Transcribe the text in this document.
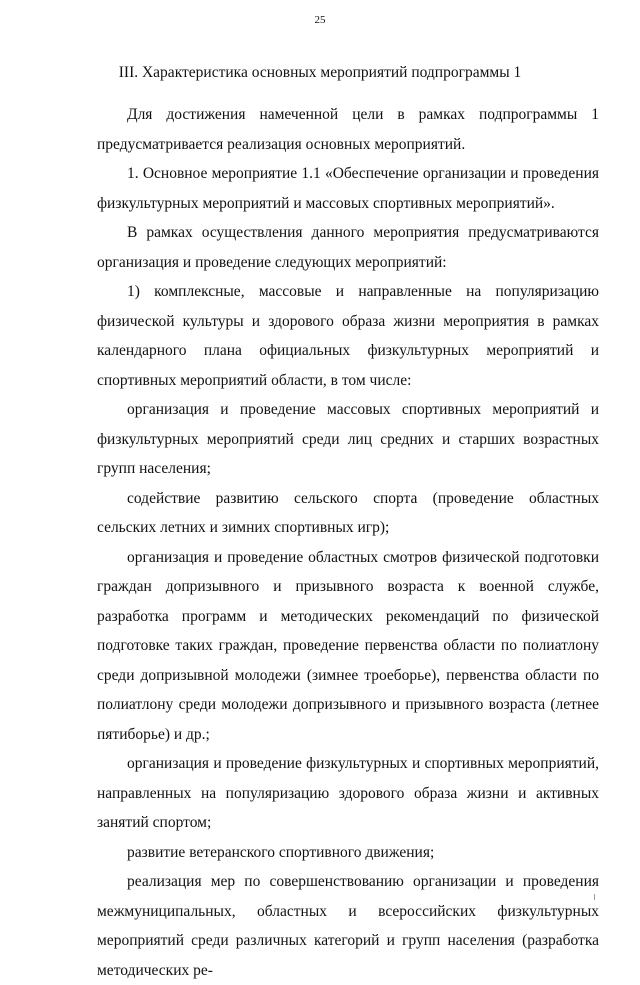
25
III. Характеристика основных мероприятий подпрограммы 1

Для достижения намеченной цели в рамках подпрограммы 1 предусматривается реализация основных мероприятий.

1. Основное мероприятие 1.1 «Обеспечение организации и проведения физкультурных мероприятий и массовых спортивных мероприятий».

В рамках осуществления данного мероприятия предусматриваются организация и проведение следующих мероприятий:

1) комплексные, массовые и направленные на популяризацию физической культуры и здорового образа жизни мероприятия в рамках календарного плана официальных физкультурных мероприятий и спортивных мероприятий области, в том числе:

организация и проведение массовых спортивных мероприятий и физкультурных мероприятий среди лиц средних и старших возрастных групп населения;

содействие развитию сельского спорта (проведение областных сельских летних и зимних спортивных игр);

организация и проведение областных смотров физической подготовки граждан допризывного и призывного возраста к военной службе, разработка программ и методических рекомендаций по физической подготовке таких граждан, проведение первенства области по полиатлону среди допризывной молодежи (зимнее троеборье), первенства области по полиатлону среди молодежи допризывного и призывного возраста (летнее пятиборье) и др.;

организация и проведение физкультурных и спортивных мероприятий, направленных на популяризацию здорового образа жизни и активных занятий спортом;

развитие ветеранского спортивного движения;

реализация мер по совершенствованию организации и проведения межмуниципальных, областных и всероссийских физкультурных мероприятий среди различных категорий и групп населения (разработка методических ре-
